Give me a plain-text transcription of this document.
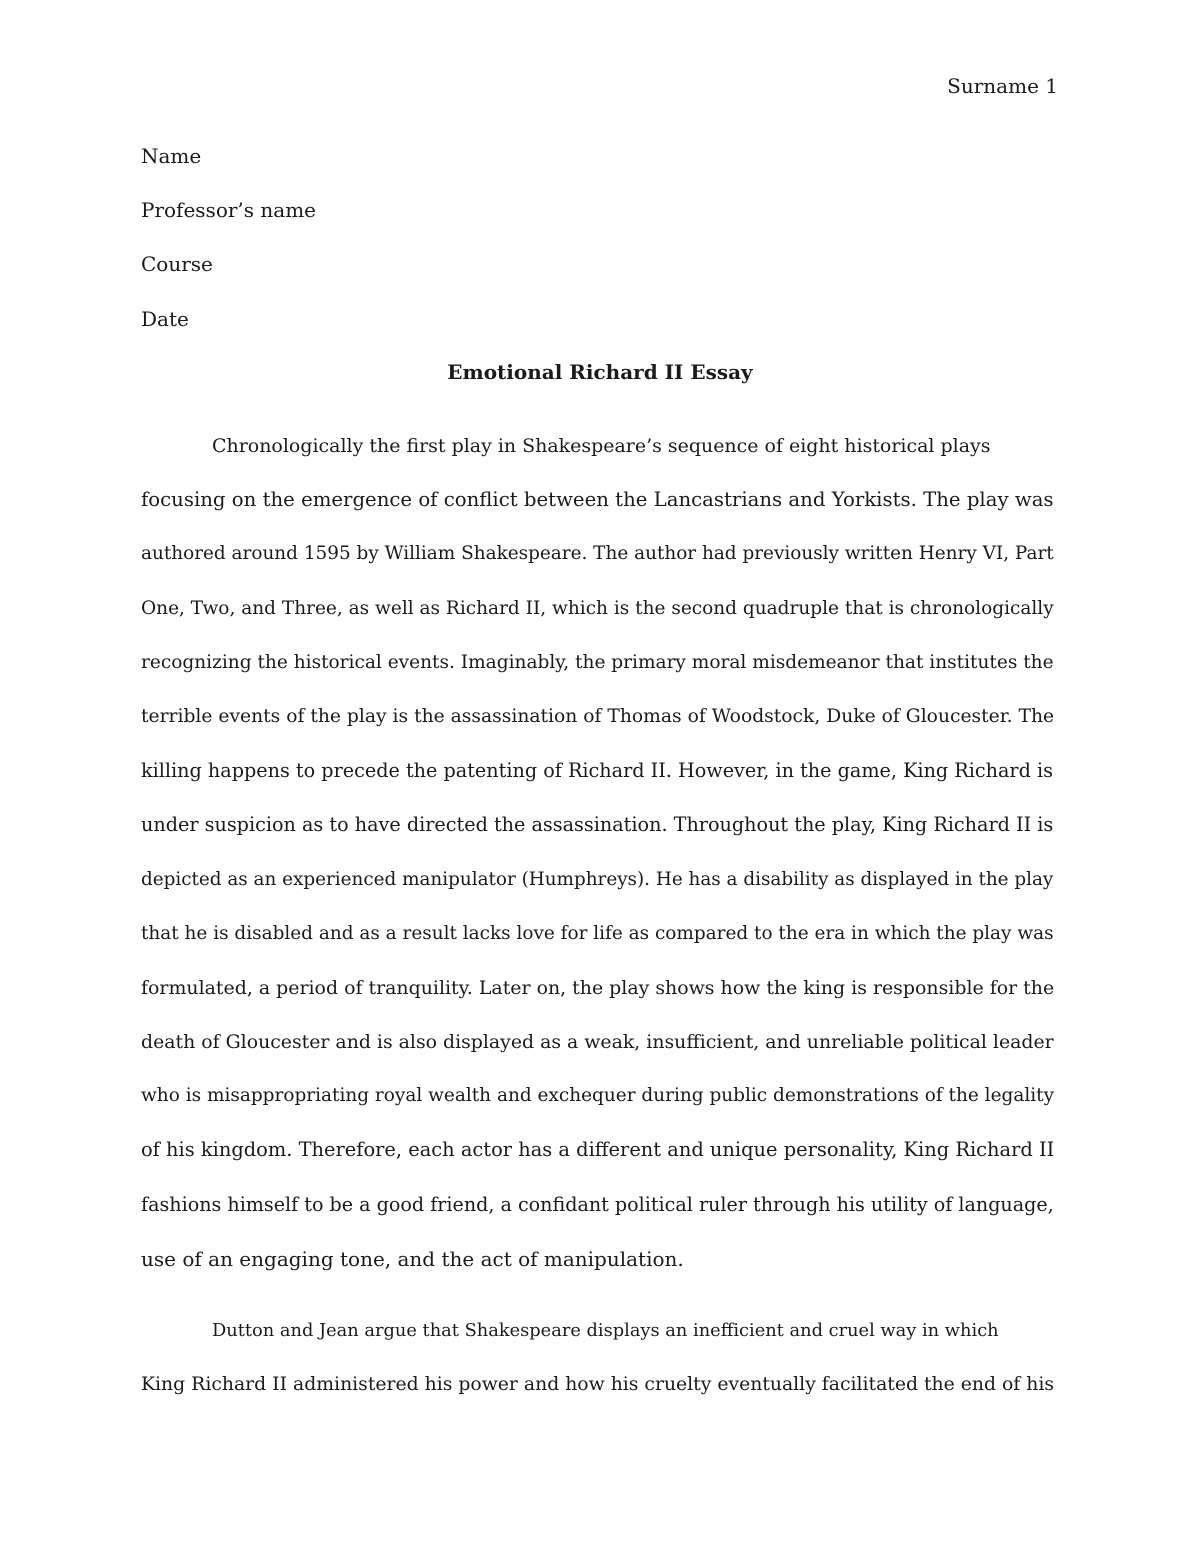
Surname 1
Name
Professor’s name
Course
Date
Emotional Richard II Essay

Chronologically the first play in Shakespeare’s sequence of eight historical plays
focusing on the emergence of conflict between the Lancastrians and Yorkists. The play was
authored around 1595 by William Shakespeare. The author had previously written Henry VI, Part
One, Two, and Three, as well as Richard II, which is the second quadruple that is chronologically
recognizing the historical events. Imaginably, the primary moral misdemeanor that institutes the
terrible events of the play is the assassination of Thomas of Woodstock, Duke of Gloucester. The
killing happens to precede the patenting of Richard II. However, in the game, King Richard is
under suspicion as to have directed the assassination. Throughout the play, King Richard II is
depicted as an experienced manipulator (Humphreys). He has a disability as displayed in the play
that he is disabled and as a result lacks love for life as compared to the era in which the play was
formulated, a period of tranquility. Later on, the play shows how the king is responsible for the
death of Gloucester and is also displayed as a weak, insufficient, and unreliable political leader
who is misappropriating royal wealth and exchequer during public demonstrations of the legality
of his kingdom. Therefore, each actor has a different and unique personality, King Richard II
fashions himself to be a good friend, a confidant political ruler through his utility of language,
use of an engaging tone, and the act of manipulation.

Dutton and Jean argue that Shakespeare displays an inefficient and cruel way in which
King Richard II administered his power and how his cruelty eventually facilitated the end of his
